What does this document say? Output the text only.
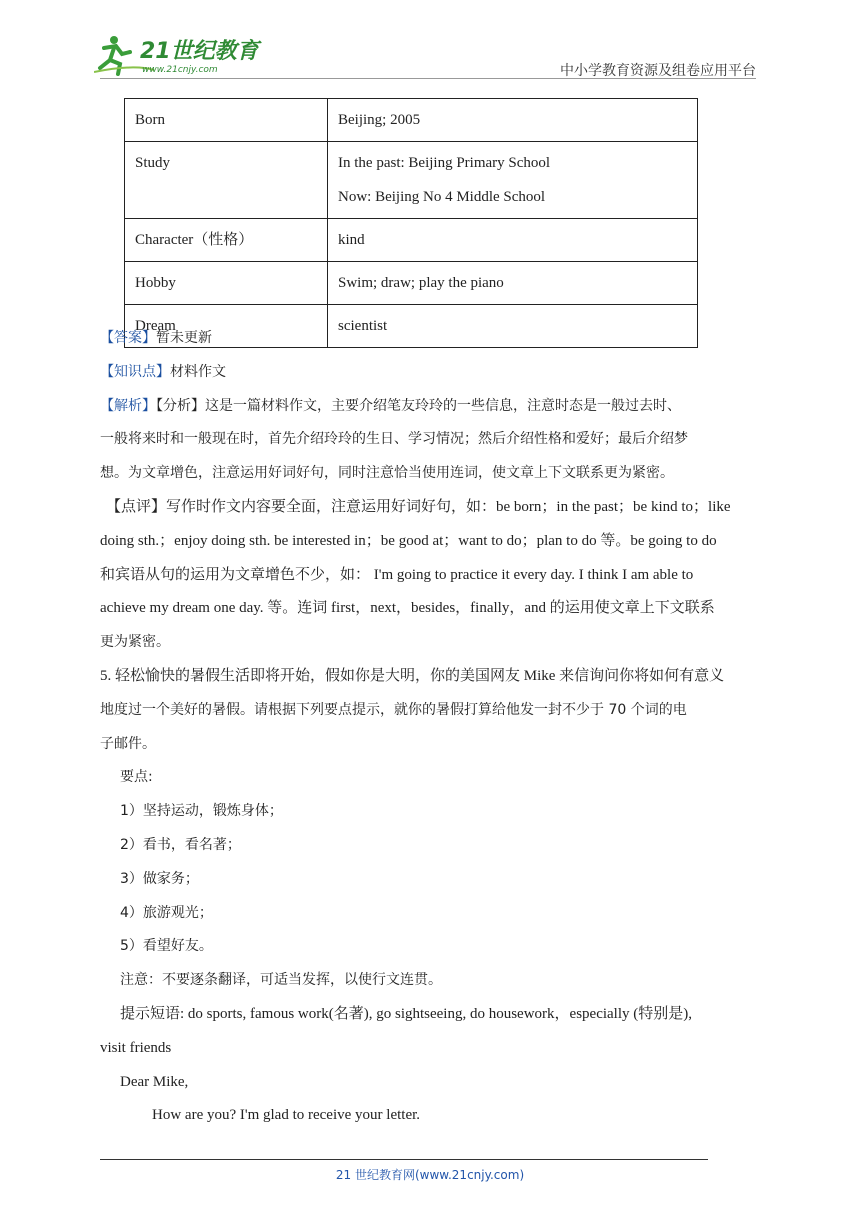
21世纪教育
www.21cnjy.com	中小学教育资源及组卷应用平台
Born	Beijing; 2005
Study	In the past: Beijing Primary School
Now: Beijing No 4 Middle School

Character（性格）	kind
Hobby	Swim; draw; play the piano
Dream	scientist

【答案】暂未更新

【知识点】材料作文

【解析】【分析】这是一篇材料作文，主要介绍笔友玲玲的一些信息，注意时态是一般过去时、

一般将来时和一般现在时，首先介绍玲玲的生日、学习情况；然后介绍性格和爱好；最后介绍梦

想。为文章增色，注意运用好词好句，同时注意恰当使用连词，使文章上下文联系更为紧密。

【点评】写作时作文内容要全面，注意运用好词好句，如：be born；in the past；be kind to；like

doing sth.；enjoy doing sth. be interested in；be good at；want to do；plan to do 等。be going to do

和宾语从句的运用为文章增色不少，如： I'm going to practice it every day. I think I am able to

achieve my dream one day. 等。连词 first，next，besides，finally，and 的运用使文章上下文联系

更为紧密。

5. 轻松愉快的暑假生活即将开始，假如你是大明，你的美国网友 Mike 来信询问你将如何有意义

地度过一个美好的暑假。请根据下列要点提示，就你的暑假打算给他发一封不少于 70 个词的电

子邮件。

要点:

1）坚持运动，锻炼身体；

2）看书，看名著；

3）做家务；

4）旅游观光；

5）看望好友。

注意：不要逐条翻译，可适当发挥，以使行文连贯。

提示短语: do sports, famous work(名著), go sightseeing, do housework，especially (特别是),

visit friends

Dear Mike,

How are you? I'm glad to receive your letter.

21 世纪教育网(www.21cnjy.com)
